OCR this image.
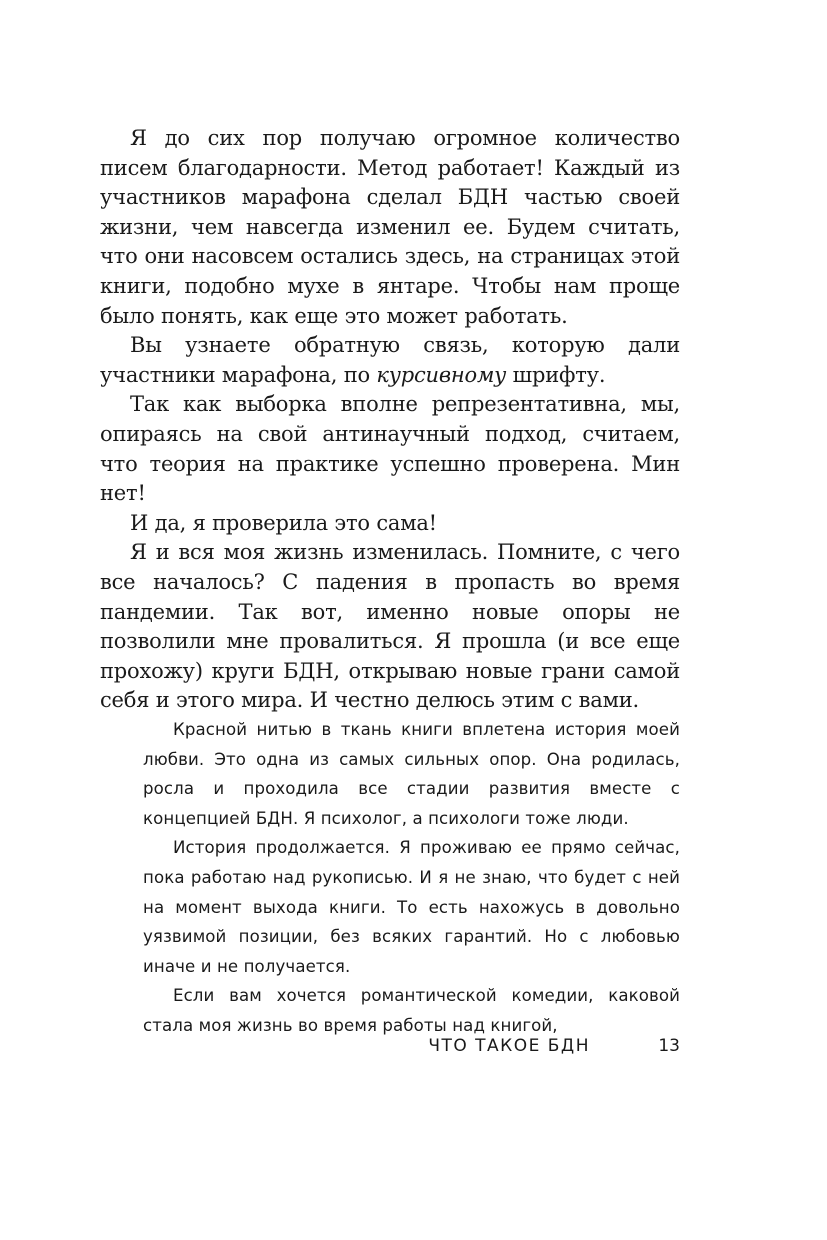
Я до сих пор получаю огромное количество писем благодарности. Метод работает! Каждый из участников марафона сделал БДН частью своей жизни, чем навсегда изменил ее. Будем считать, что они насовсем остались здесь, на страницах этой книги, подобно мухе в янтаре. Чтобы нам проще было понять, как еще это может работать.

Вы узнаете обратную связь, которую дали участники марафона, по курсивному шрифту.

Так как выборка вполне репрезентативна, мы, опираясь на свой антинаучный подход, считаем, что теория на практике успешно проверена. Мин нет!

И да, я проверила это сама!

Я и вся моя жизнь изменилась. Помните, с чего все началось? С падения в пропасть во время пандемии. Так вот, именно новые опоры не позволили мне провалиться. Я прошла (и все еще прохожу) круги БДН, открываю новые грани самой себя и этого мира. И честно делюсь этим с вами.

Красной нитью в ткань книги вплетена история моей любви. Это одна из самых сильных опор. Она родилась, росла и проходила все стадии развития вместе с концепцией БДН. Я психолог, а психологи тоже люди.

История продолжается. Я проживаю ее прямо сейчас, пока работаю над рукописью. И я не знаю, что будет с ней на момент выхода книги. То есть нахожусь в довольно уязвимой позиции, без всяких гарантий. Но с любовью иначе и не получается.

Если вам хочется романтической комедии, каковой стала моя жизнь во время работы над книгой,

ЧТО ТАКОЕ БДН	13
